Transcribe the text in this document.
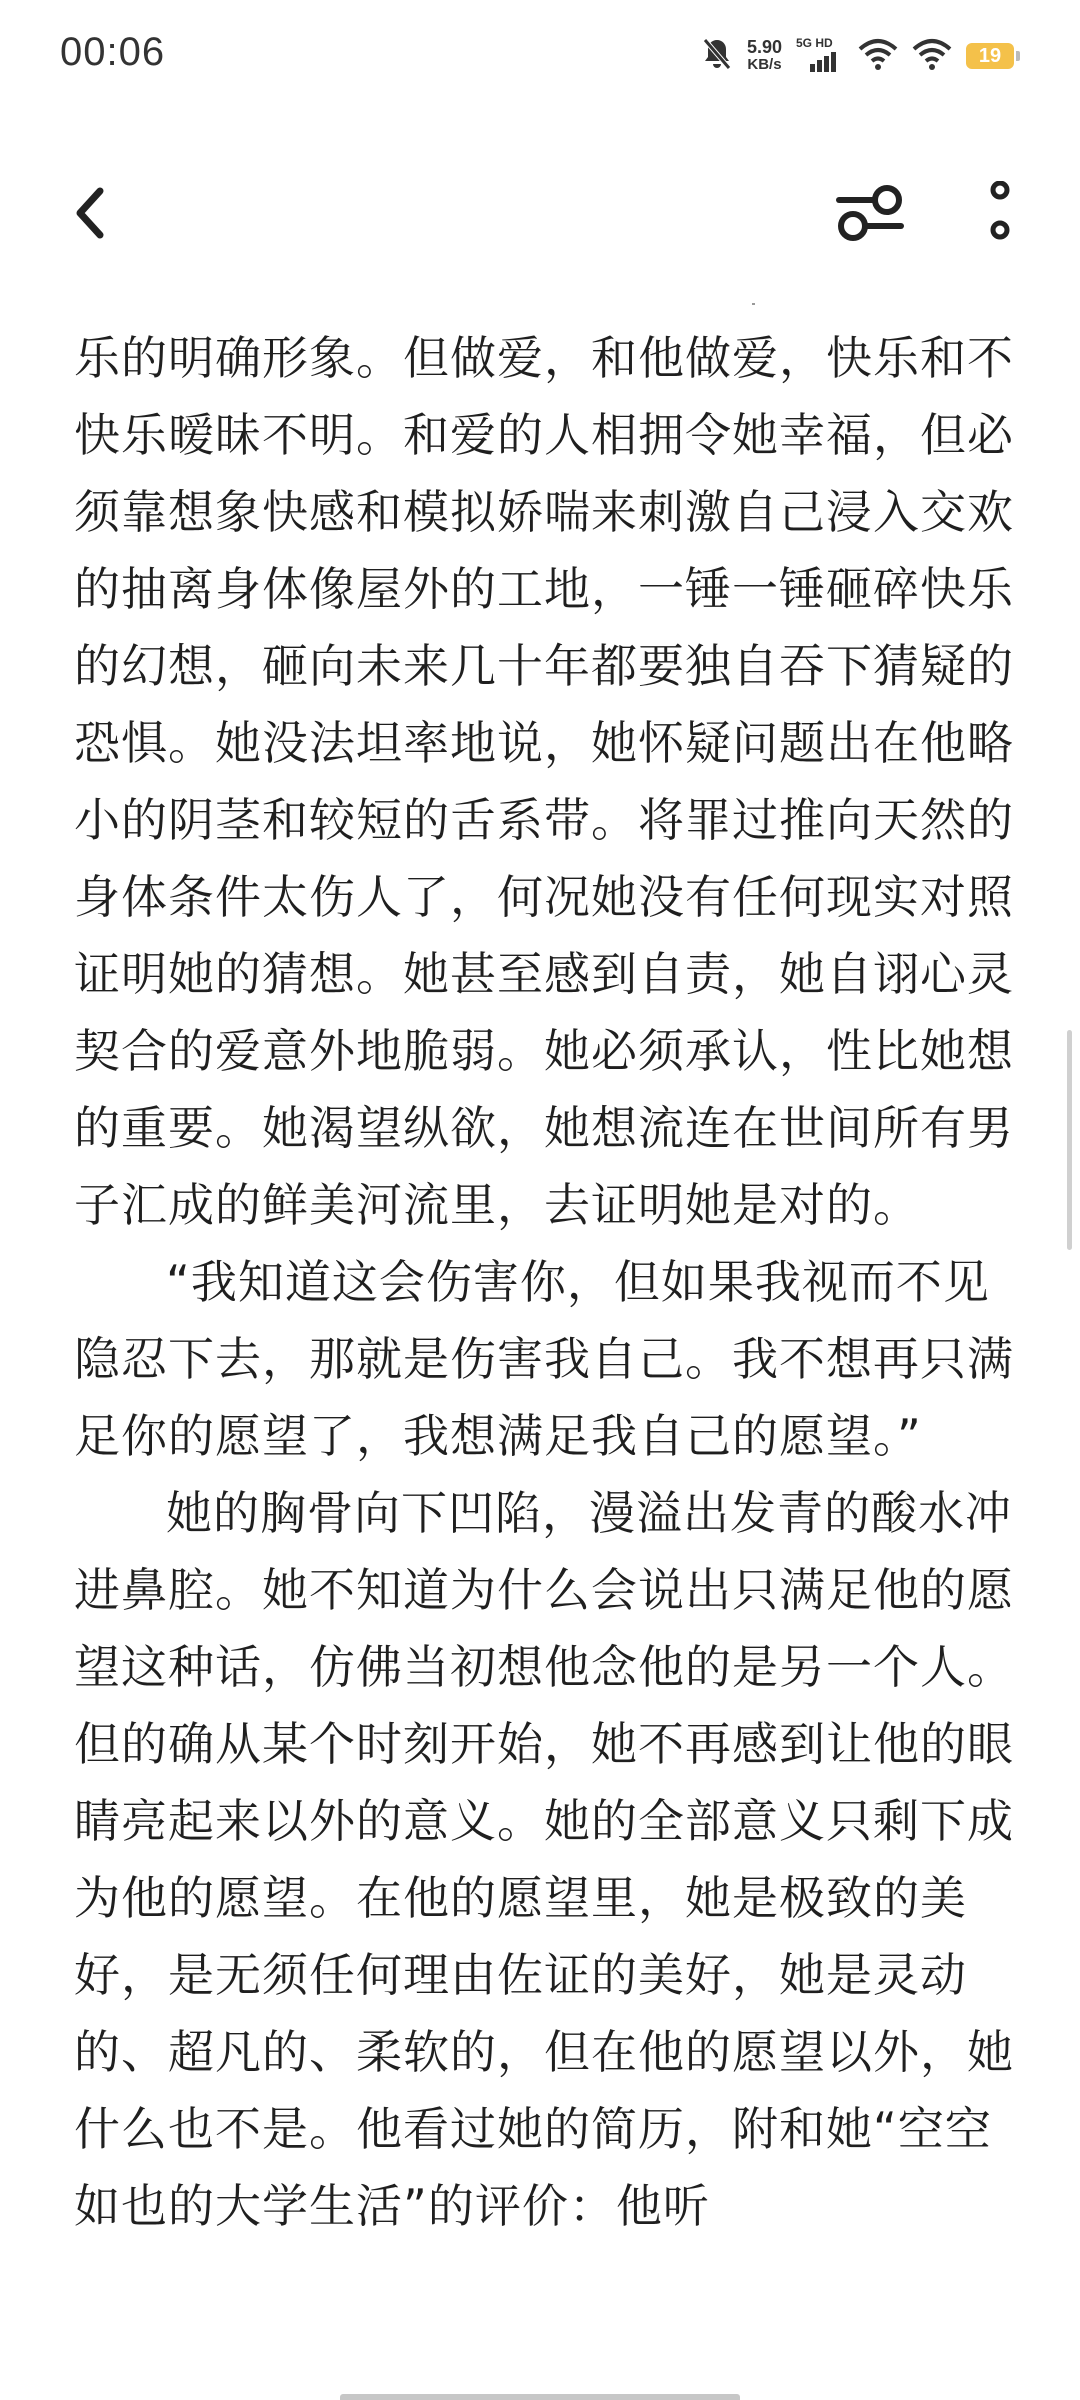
00:06	5.90
KB/s
5G HD
19

乐的明确形象。但做爱，和他做爱，快乐和不快乐暧昧不明。和爱的人相拥令她幸福，但必须靠想象快感和模拟娇喘来刺激自己浸入交欢的抽离身体像屋外的工地，一锤一锤砸碎快乐的幻想，砸向未来几十年都要独自吞下猜疑的恐惧。她没法坦率地说，她怀疑问题出在他略小的阴茎和较短的舌系带。将罪过推向天然的身体条件太伤人了，何况她没有任何现实对照证明她的猜想。她甚至感到自责，她自诩心灵契合的爱意外地脆弱。她必须承认，性比她想的重要。她渴望纵欲，她想流连在世间所有男子汇成的鲜美河流里，去证明她是对的。

“我知道这会伤害你，但如果我视而不见隐忍下去，那就是伤害我自己。我不想再只满足你的愿望了，我想满足我自己的愿望。”

她的胸骨向下凹陷，漫溢出发青的酸水冲进鼻腔。她不知道为什么会说出只满足他的愿望这种话，仿佛当初想他念他的是另一个人。但的确从某个时刻开始，她不再感到让他的眼睛亮起来以外的意义。她的全部意义只剩下成为他的愿望。在他的愿望里，她是极致的美好，是无须任何理由佐证的美好，她是灵动的、超凡的、柔软的，但在他的愿望以外，她什么也不是。他看过她的简历，附和她“空空如也的大学生活”的评价：他听
